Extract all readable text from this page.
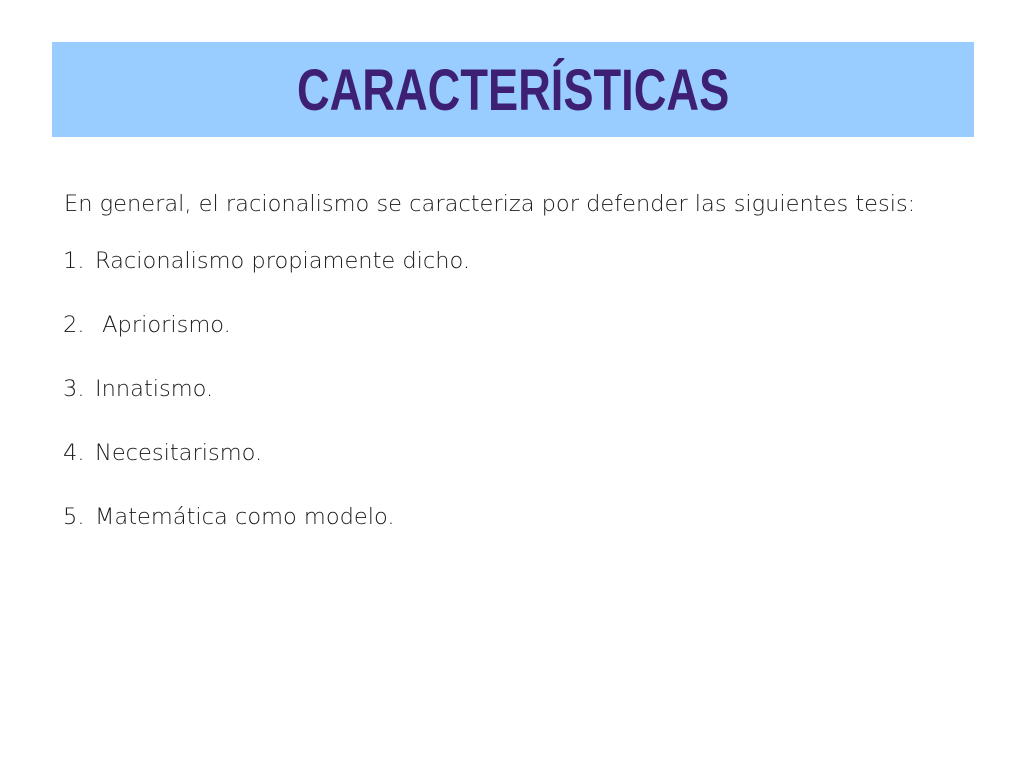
CARACTERÍSTICAS

En general, el racionalismo se caracteriza por defender las siguientes tesis:

1. Racionalismo propiamente dicho.
2. Apriorismo.
3. Innatismo.
4. Necesitarismo.
5. Matemática como modelo.
